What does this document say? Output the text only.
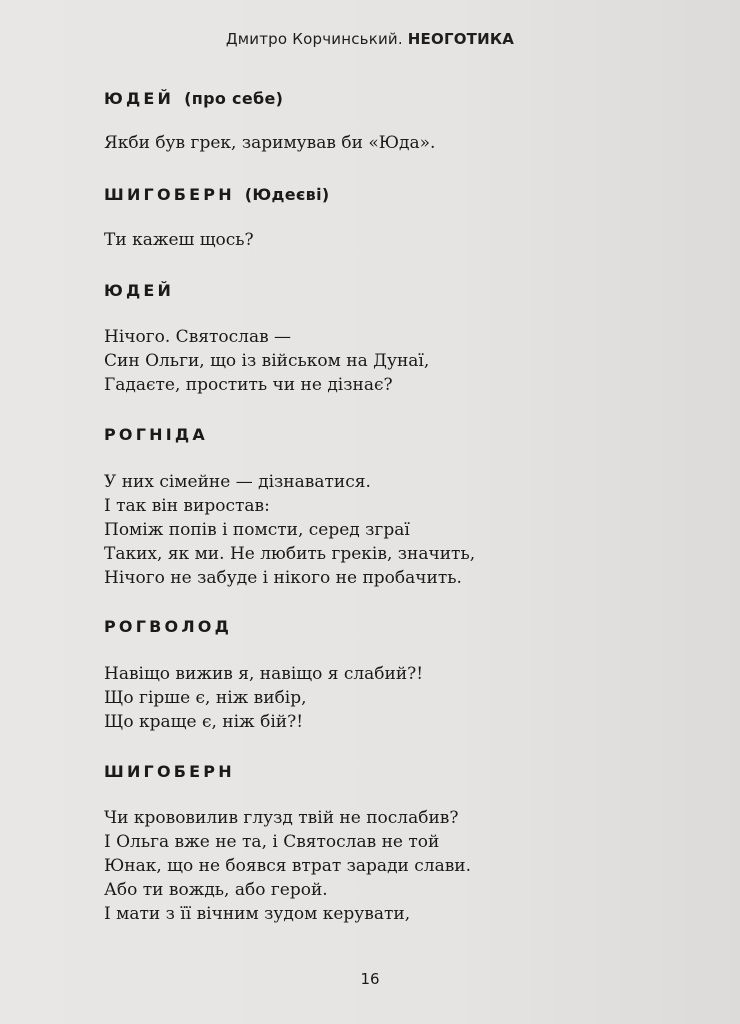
Дмитро Корчинський. НЕОГОТИКА
ЮДЕЙ (про себе)
Якби був грек, заримував би «Юда».
ШИГОБЕРН (Юдеєві)
Ти кажеш щось?
ЮДЕЙ
Нічого. Святослав —
Син Ольги, що із військом на Дунаї,
Гадаєте, простить чи не дізнає?
РОГНІДА
У них сімейне — дізнаватися.
І так він виростав:
Поміж попів і помсти, серед зграї
Таких, як ми. Не любить греків, значить,
Нічого не забуде і нікого не пробачить.
РОГВОЛОД
Навіщо вижив я, навіщо я слабий?!
Що гірше є, ніж вибір,
Що краще є, ніж бій?!
ШИГОБЕРН
Чи крововилив глузд твій не послабив?
І Ольга вже не та, і Святослав не той
Юнак, що не боявся втрат заради слави.
Або ти вождь, або герой.
І мати з її вічним зудом керувати,
16
